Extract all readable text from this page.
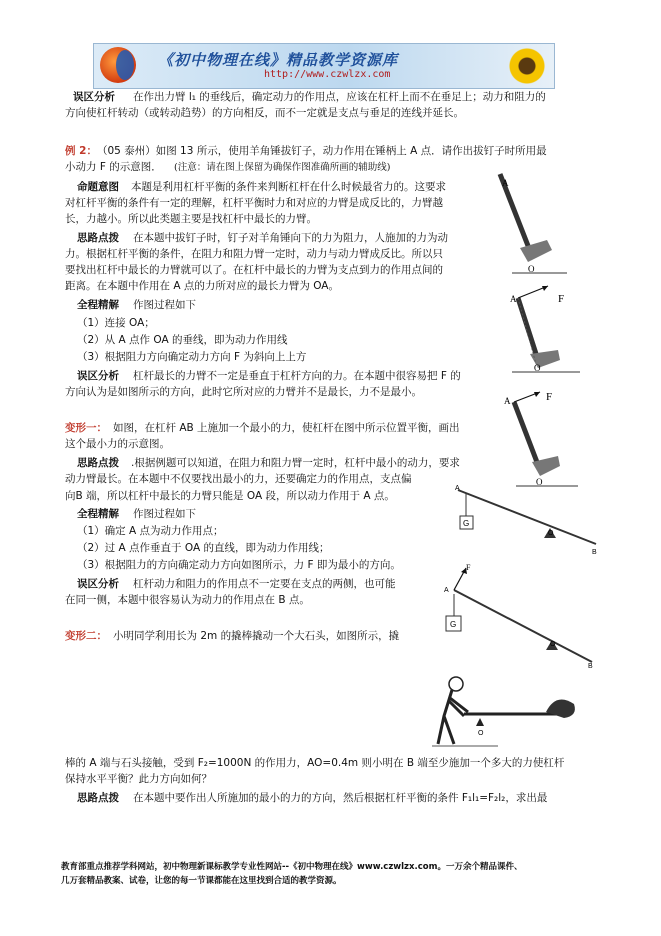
《初中物理在线》精品教学资源库
http://www.czwlzx.com
误区分析 在作出力臂 l₁ 的垂线后，确定动力的作用点，应该在杠杆上而不在垂足上；动力和阻力的
方向使杠杆转动（或转动趋势）的方向相反，而不一定就是支点与垂足的连线并延长。
例 2： （05 泰州）如图 13 所示，使用羊角锤拔钉子，动力作用在锤柄上 A 点．请作出拔钉子时所用最
小动力 F 的示意图． (注意：请在图上保留为确保作图准确所画的辅助线)
命题意图 本题是利用杠杆平衡的条件来判断杠杆在什么时候最省力的。这要求
对杠杆平衡的条件有一定的理解，杠杆平衡时力和对应的力臂是成反比的，力臂越
长，力越小。所以此类题主要是找杠杆中最长的力臂。
思路点拨 在本题中拔钉子时，钉子对羊角锤向下的力为阻力，人施加的力为动
力。根据杠杆平衡的条件，在阻力和阻力臂一定时，动力与动力臂成反比。所以只
要找出杠杆中最长的力臂就可以了。在杠杆中最长的力臂为支点到力的作用点间的
距离。在本题中作用在 A 点的力所对应的最长力臂为 OA。
全程精解 作图过程如下
（1）连接 OA；
（2）从 A 点作 OA 的垂线，即为动力作用线
（3）根据阻力方向确定动力方向 F 为斜向上上方
误区分析 杠杆最长的力臂不一定是垂直于杠杆方向的力。在本题中很容易把 F 的
方向认为是如图所示的方向，此时它所对应的力臂并不是最长，力不是最小。
变形一： 如图，在杠杆 AB 上施加一个最小的力，使杠杆在图中所示位置平衡，画出
这个最小力的示意图。
思路点拨 .根据例题可以知道，在阻力和阻力臂一定时，杠杆中最小的动力，要求
动力臂最长。在本题中不仅要找出最小的力，还要确定力的作用点，支点偏
向B 端，所以杠杆中最长的力臂只能是 OA 段，所以动力作用于 A 点。
全程精解 作图过程如下
（1）确定 A 点为动力作用点；
（2）过 A 点作垂直于 OA 的直线，即为动力作用线；
（3）根据阻力的方向确定动力方向如图所示，力 F 即为最小的方向。
误区分析 杠杆动力和阻力的作用点不一定要在支点的两侧，也可能
在同一侧，本题中很容易认为动力的作用点在 B 点。
变形二： 小明同学利用长为 2m 的撬棒撬动一个大石头，如图所示，撬
棒的 A 端与石头接触，受到 F₂=1000N 的作用力，AO=0.4m 则小明在 B 端至少施加一个多大的力使杠杆
保持水平平衡？此力方向如何？
思路点拨 在本题中要作出人所施加的最小的力的方向，然后根据杠杆平衡的条件 F₁l₁=F₂l₂，求出最
A
O
A	F
O
A	F
O
G
A
B
O
F
G
A
B
O
O
教育部重点推荐学科网站，初中物理新课标教学专业性网站--《初中物理在线》www.czwlzx.com。一万余个精品课件、
几万套精品教案、试卷，让您的每一节课都能在这里找到合适的教学资源。
